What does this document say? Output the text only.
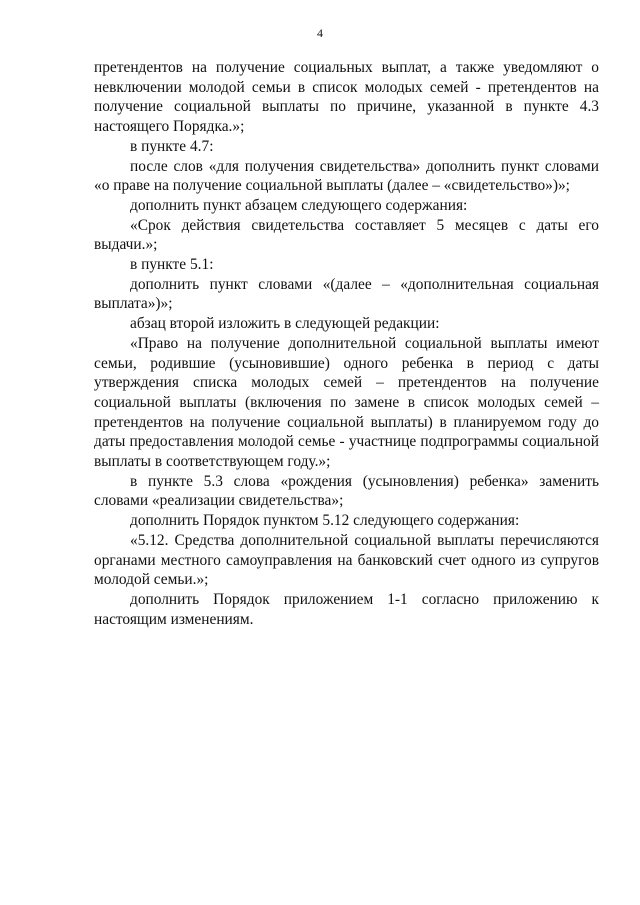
4

претендентов на получение социальных выплат, а также уведомляют о невключении молодой семьи в список молодых семей - претендентов на получение социальной выплаты по причине, указанной в пункте 4.3 настоящего Порядка.»;

в пункте 4.7:

после слов «для получения свидетельства» дополнить пункт словами «о праве на получение социальной выплаты (далее – «свидетельство»)»;

дополнить пункт абзацем следующего содержания:

«Срок действия свидетельства составляет 5 месяцев с даты его выдачи.»;

в пункте 5.1:

дополнить пункт словами «(далее – «дополнительная социальная выплата»)»;

абзац второй изложить в следующей редакции:

«Право на получение дополнительной социальной выплаты имеют семьи, родившие (усыновившие) одного ребенка в период с даты утверждения списка молодых семей – претендентов на получение социальной выплаты (включения по замене в список молодых семей – претендентов на получение социальной выплаты) в планируемом году до даты предоставления молодой семье - участнице подпрограммы социальной выплаты в соответствующем году.»;

в пункте 5.3 слова «рождения (усыновления) ребенка» заменить словами «реализации свидетельства»;

дополнить Порядок пунктом 5.12 следующего содержания:

«5.12. Средства дополнительной социальной выплаты перечисляются органами местного самоуправления на банковский счет одного из супругов молодой семьи.»;

дополнить Порядок приложением 1-1 согласно приложению к настоящим изменениям.
